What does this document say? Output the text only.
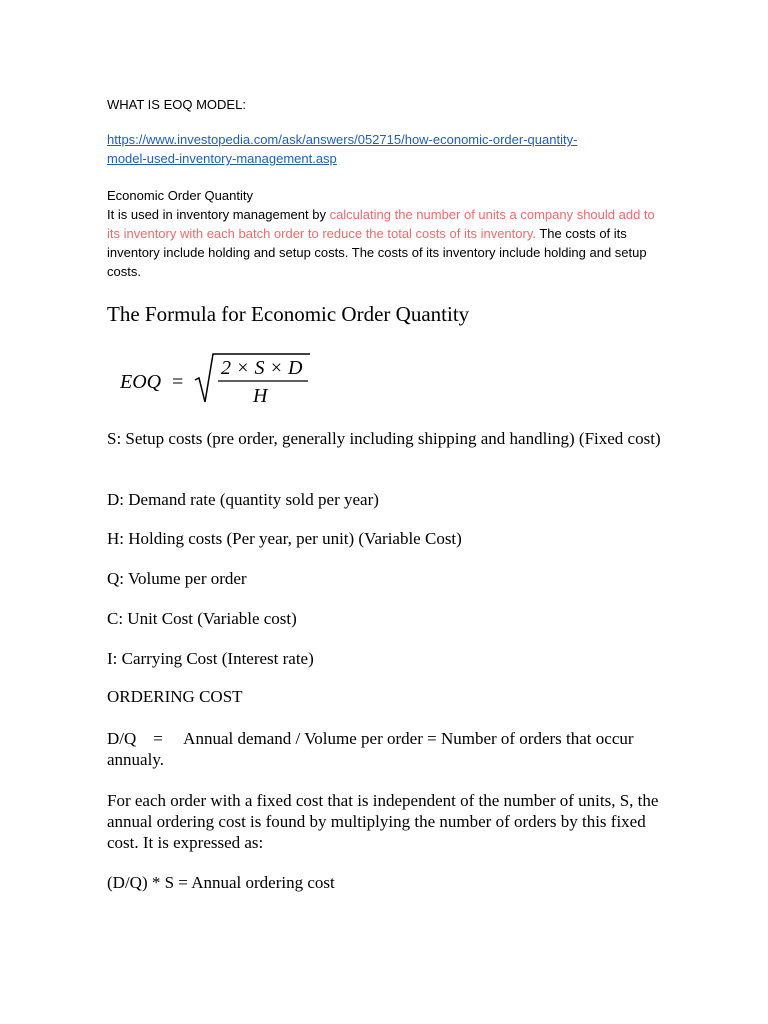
WHAT IS EOQ MODEL:
https://www.investopedia.com/ask/answers/052715/how-economic-order-quantity-
model-used-inventory-management.asp
Economic Order Quantity
It is used in inventory management by calculating the number of units a company should add to its inventory with each batch order to reduce the total costs of its inventory. The costs of its inventory include holding and setup costs. The costs of its inventory include holding and setup costs.
The Formula for Economic Order Quantity
EOQ =
2 × S × D
H
S: Setup costs (pre order, generally including shipping and handling) (Fixed cost)
D: Demand rate (quantity sold per year)
H: Holding costs (Per year, per unit) (Variable Cost)
Q: Volume per order
C: Unit Cost (Variable cost)
I: Carrying Cost (Interest rate)
ORDERING COST
D/Q    =     Annual demand / Volume per order = Number of orders that occur annualy.
For each order with a fixed cost that is independent of the number of units, S, the annual ordering cost is found by multiplying the number of orders by this fixed cost. It is expressed as:
(D/Q) * S = Annual ordering cost
